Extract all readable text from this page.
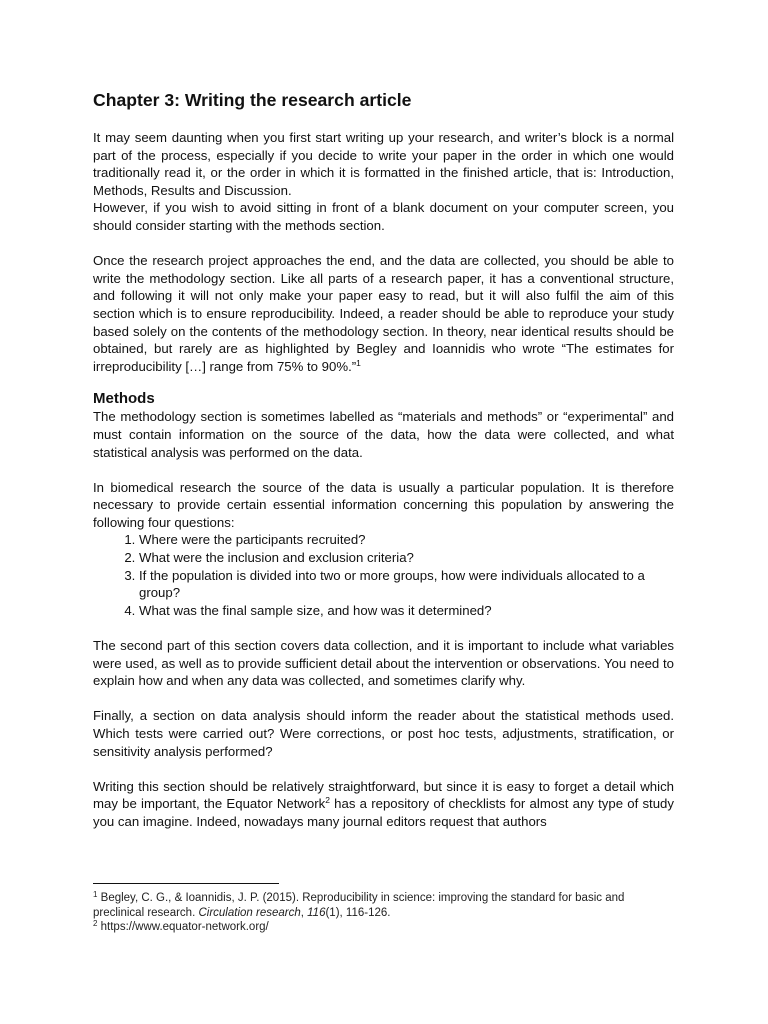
Chapter 3: Writing the research article

It may seem daunting when you first start writing up your research, and writer’s block is a normal part of the process, especially if you decide to write your paper in the order in which one would traditionally read it, or the order in which it is formatted in the finished article, that is: Introduction, Methods, Results and Discussion.

However, if you wish to avoid sitting in front of a blank document on your computer screen, you should consider starting with the methods section.

Once the research project approaches the end, and the data are collected, you should be able to write the methodology section. Like all parts of a research paper, it has a conventional structure, and following it will not only make your paper easy to read, but it will also fulfil the aim of this section which is to ensure reproducibility. Indeed, a reader should be able to reproduce your study based solely on the contents of the methodology section. In theory, near identical results should be obtained, but rarely are as highlighted by Begley and Ioannidis who wrote “The estimates for irreproducibility […] range from 75% to 90%.”$^1$

Methods

The methodology section is sometimes labelled as “materials and methods” or “experimental” and must contain information on the source of the data, how the data were collected, and what statistical analysis was performed on the data.

In biomedical research the source of the data is usually a particular population. It is therefore necessary to provide certain essential information concerning this population by answering the following four questions:

1. Where were the participants recruited?
2. What were the inclusion and exclusion criteria?
3. If the population is divided into two or more groups, how were individuals allocated to a group?
4. What was the final sample size, and how was it determined?

The second part of this section covers data collection, and it is important to include what variables were used, as well as to provide sufficient detail about the intervention or observations. You need to explain how and when any data was collected, and sometimes clarify why.

Finally, a section on data analysis should inform the reader about the statistical methods used. Which tests were carried out? Were corrections, or post hoc tests, adjustments, stratification, or sensitivity analysis performed?

Writing this section should be relatively straightforward, but since it is easy to forget a detail which may be important, the Equator Network$^2$ has a repository of checklists for almost any type of study you can imagine. Indeed, nowadays many journal editors request that authors

$^1$ Begley, C. G., & Ioannidis, J. P. (2015). Reproducibility in science: improving the standard for basic and preclinical research. Circulation research, 116(1), 116-126.
$^2$ https://www.equator-network.org/
